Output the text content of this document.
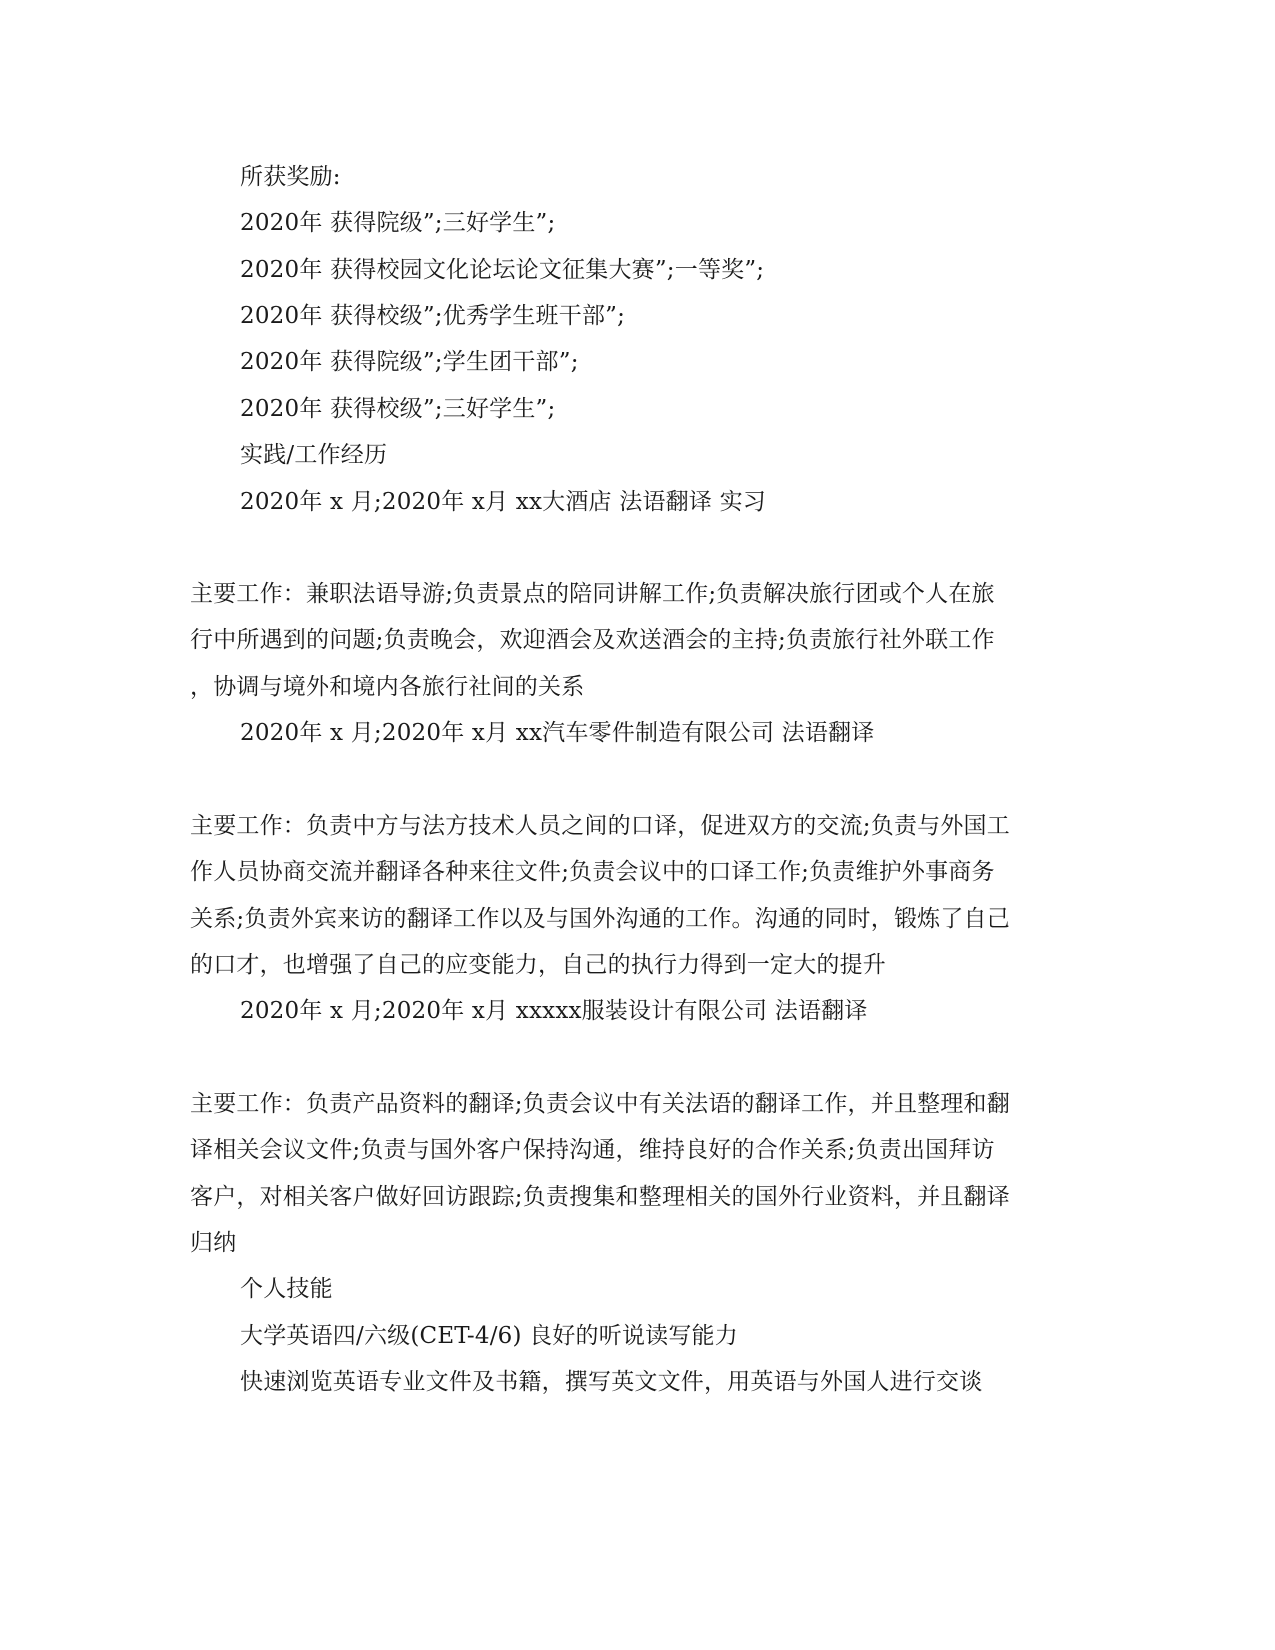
所获奖励:
2020年 获得院级”;三好学生”;
2020年 获得校园文化论坛论文征集大赛”;一等奖”;
2020年 获得校级”;优秀学生班干部”;
2020年 获得院级”;学生团干部”;
2020年 获得校级”;三好学生”;
实践/工作经历
2020年 x 月;2020年 x月 xx大酒店 法语翻译 实习
主要工作：兼职法语导游;负责景点的陪同讲解工作;负责解决旅行团或个人在旅
行中所遇到的问题;负责晚会，欢迎酒会及欢送酒会的主持;负责旅行社外联工作
，协调与境外和境内各旅行社间的关系
2020年 x 月;2020年 x月 xx汽车零件制造有限公司 法语翻译
主要工作：负责中方与法方技术人员之间的口译，促进双方的交流;负责与外国工
作人员协商交流并翻译各种来往文件;负责会议中的口译工作;负责维护外事商务
关系;负责外宾来访的翻译工作以及与国外沟通的工作。沟通的同时，锻炼了自己
的口才，也增强了自己的应变能力，自己的执行力得到一定大的提升
2020年 x 月;2020年 x月 xxxxx服装设计有限公司 法语翻译
主要工作：负责产品资料的翻译;负责会议中有关法语的翻译工作，并且整理和翻
译相关会议文件;负责与国外客户保持沟通，维持良好的合作关系;负责出国拜访
客户，对相关客户做好回访跟踪;负责搜集和整理相关的国外行业资料，并且翻译
归纳
个人技能
大学英语四/六级(CET-4/6) 良好的听说读写能力
快速浏览英语专业文件及书籍，撰写英文文件，用英语与外国人进行交谈
